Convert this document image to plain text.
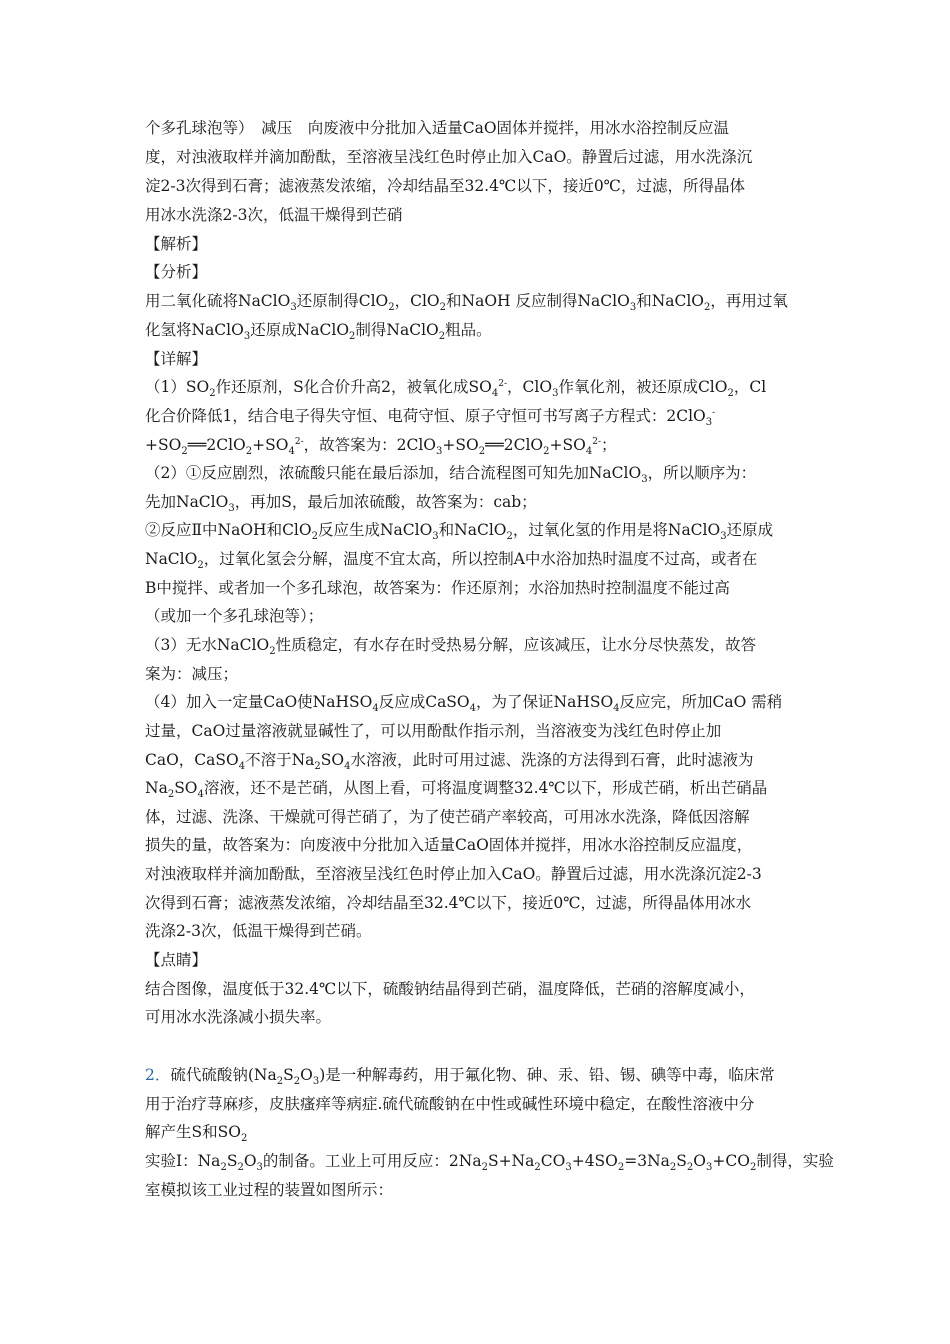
个多孔球泡等）　减压　向废液中分批加入适量CaO固体并搅拌，用冰水浴控制反应温
度，对浊液取样并滴加酚酞，至溶液呈浅红色时停止加入CaO。静置后过滤，用水洗涤沉
淀2-3次得到石膏；滤液蒸发浓缩，冷却结晶至32.4℃以下，接近0℃，过滤，所得晶体
用冰水洗涤2-3次，低温干燥得到芒硝
【解析】
【分析】
用二氧化硫将NaClO$_3$还原制得ClO$_2$，ClO$_2$和NaOH 反应制得NaClO$_3$和NaClO$_2$，再用过氧
化氢将NaClO$_3$还原成NaClO$_2$制得NaClO$_2$粗品。
【详解】
$(1)SO_2$作还原剂，S化合价升高2，被氧化成$SO_4^{2-}$，ClO$_3$作氧化剂，被还原成ClO$_2$，Cl
化合价降低1，结合电子得失守恒、电荷守恒、原子守恒可书写离子方程式：2ClO$_3$-
$+SO_2══2ClO_2+SO_4^{2-}$，故答案为：$2ClO_3+SO_2══2ClO_2+SO_4^{2-}$；
（2）①反应剧烈，浓硫酸只能在最后添加，结合流程图可知先加NaClO$_3$，所以顺序为：
先加NaClO$_3$，再加S，最后加浓硫酸，故答案为：cab；
②反应Ⅱ中NaOH和ClO$_2$反应生成NaClO$_3$和NaClO$_2$，过氧化氢的作用是将NaClO$_3$还原成
NaClO$_2$，过氧化氢会分解，温度不宜太高，所以控制A中水浴加热时温度不过高，或者在
B中搅拌、或者加一个多孔球泡，故答案为：作还原剂；水浴加热时控制温度不能过高
（或加一个多孔球泡等）；
（3）无水NaClO$_2$性质稳定，有水存在时受热易分解，应该减压，让水分尽快蒸发，故答
案为：减压；
（4）加入一定量CaO使NaHSO$_4$反应成CaSO$_4$，为了保证NaHSO$_4$反应完，所加CaO 需稍
过量，CaO过量溶液就显碱性了，可以用酚酞作指示剂，当溶液变为浅红色时停止加
CaO，CaSO$_4$不溶于$Na_2SO_4$水溶液，此时可用过滤、洗涤的方法得到石膏，此时滤液为
$Na_2SO_4$溶液，还不是芒硝，从图上看，可将温度调整32.4℃以下，形成芒硝，析出芒硝晶
体，过滤、洗涤、干燥就可得芒硝了，为了使芒硝产率较高，可用冰水洗涤，降低因溶解
损失的量，故答案为：向废液中分批加入适量CaO固体并搅拌，用冰水浴控制反应温度，
对浊液取样并滴加酚酞，至溶液呈浅红色时停止加入CaO。静置后过滤，用水洗涤沉淀2-3
次得到石膏；滤液蒸发浓缩，冷却结晶至32.4℃以下，接近0℃，过滤，所得晶体用冰水
洗涤2-3次，低温干燥得到芒硝。
【点睛】
结合图像，温度低于32.4℃以下，硫酸钠结晶得到芒硝，温度降低，芒硝的溶解度减小，
可用冰水洗涤减小损失率。
2．硫代硫酸钠$(Na_2S_2O_3)$是一种解毒药，用于氟化物、砷、汞、铅、锡、碘等中毒，临床常
用于治疗荨麻疹，皮肤瘙痒等病症.硫代硫酸钠在中性或碱性环境中稳定，在酸性溶液中分
解产生S和$SO_2$
实验Ⅰ：$Na_2S_2O_3$的制备。工业上可用反应：$2Na_2S+Na_2CO_3+4SO_2=3Na_2S_2O_3+CO_2$制得，实验
室模拟该工业过程的装置如图所示：
